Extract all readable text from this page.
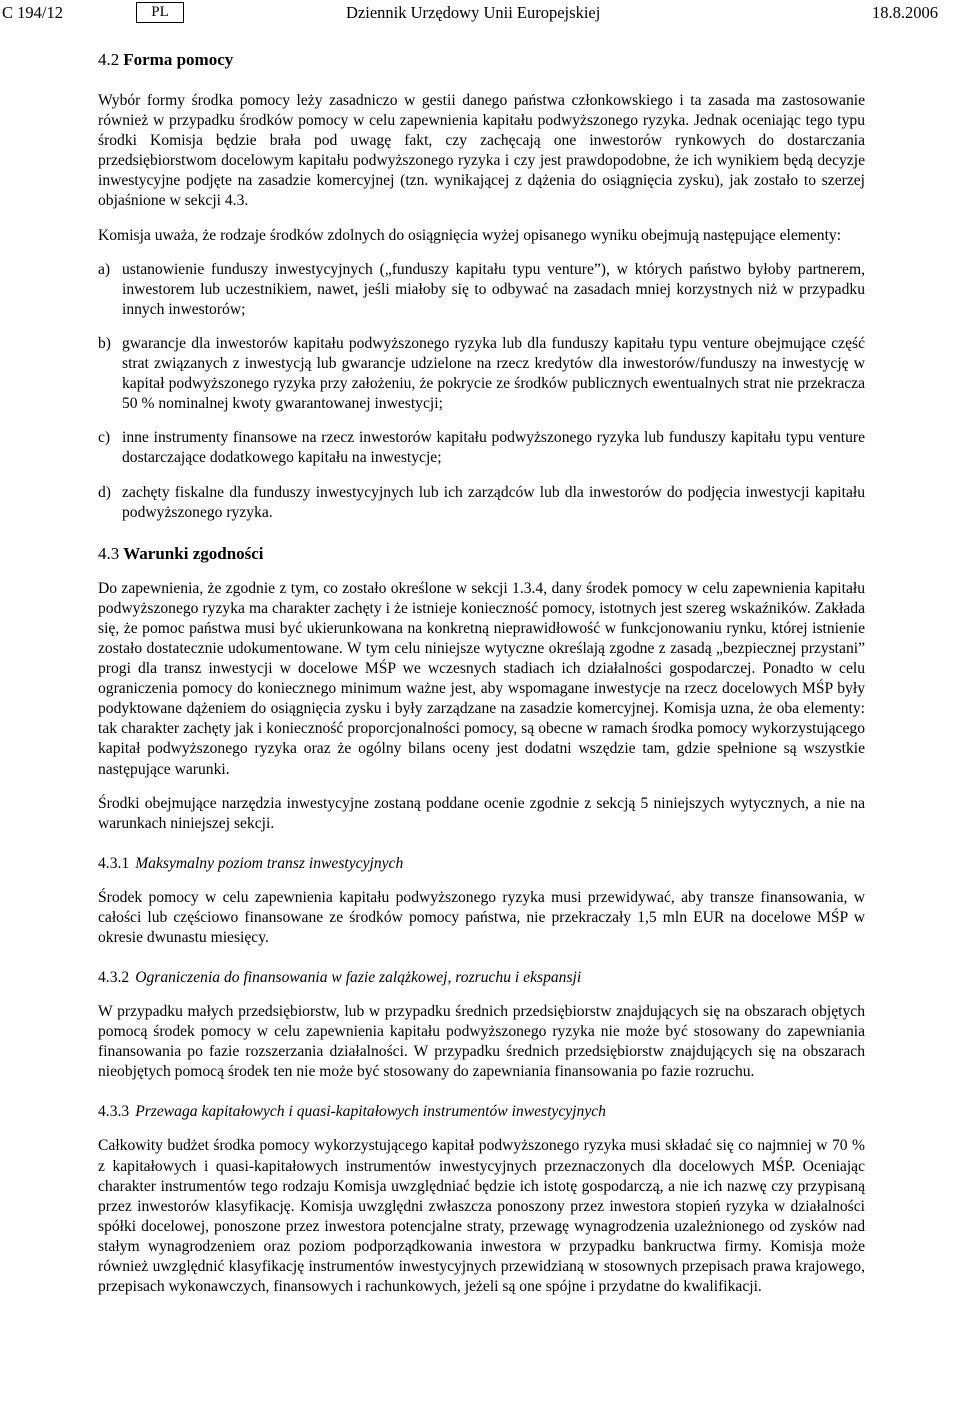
C 194/12	PL	Dziennik Urzędowy Unii Europejskiej	18.8.2006
4.2 Forma pomocy

Wybór formy środka pomocy leży zasadniczo w gestii danego państwa członkowskiego i ta zasada ma zastosowanie również w przypadku środków pomocy w celu zapewnienia kapitału podwyższonego ryzyka. Jednak oceniając tego typu środki Komisja będzie brała pod uwagę fakt, czy zachęcają one inwestorów rynkowych do dostarczania przedsiębiorstwom docelowym kapitału podwyższonego ryzyka i czy jest prawdopodobne, że ich wynikiem będą decyzje inwestycyjne podjęte na zasadzie komercyjnej (tzn. wynikającej z dążenia do osiągnięcia zysku), jak zostało to szerzej objaśnione w sekcji 4.3.

Komisja uważa, że rodzaje środków zdolnych do osiągnięcia wyżej opisanego wyniku obejmują następujące elementy:

a) ustanowienie funduszy inwestycyjnych („funduszy kapitału typu venture”), w których państwo byłoby partnerem, inwestorem lub uczestnikiem, nawet, jeśli miałoby się to odbywać na zasadach mniej korzystnych niż w przypadku innych inwestorów;
b) gwarancje dla inwestorów kapitału podwyższonego ryzyka lub dla funduszy kapitału typu venture obejmujące część strat związanych z inwestycją lub gwarancje udzielone na rzecz kredytów dla inwestorów/funduszy na inwestycję w kapitał podwyższonego ryzyka przy założeniu, że pokrycie ze środków publicznych ewentualnych strat nie przekracza 50 % nominalnej kwoty gwarantowanej inwestycji;
c) inne instrumenty finansowe na rzecz inwestorów kapitału podwyższonego ryzyka lub funduszy kapitału typu venture dostarczające dodatkowego kapitału na inwestycje;
d) zachęty fiskalne dla funduszy inwestycyjnych lub ich zarządców lub dla inwestorów do podjęcia inwestycji kapitału podwyższonego ryzyka.
4.3 Warunki zgodności

Do zapewnienia, że zgodnie z tym, co zostało określone w sekcji 1.3.4, dany środek pomocy w celu zapewnienia kapitału podwyższonego ryzyka ma charakter zachęty i że istnieje konieczność pomocy, istotnych jest szereg wskaźników. Zakłada się, że pomoc państwa musi być ukierunkowana na konkretną nieprawidłowość w funkcjonowaniu rynku, której istnienie zostało dostatecznie udokumentowane. W tym celu niniejsze wytyczne określają zgodne z zasadą „bezpiecznej przystani” progi dla transz inwestycji w docelowe MŚP we wczesnych stadiach ich działalności gospodarczej. Ponadto w celu ograniczenia pomocy do koniecznego minimum ważne jest, aby wspomagane inwestycje na rzecz docelowych MŚP były podyktowane dążeniem do osiągnięcia zysku i były zarządzane na zasadzie komercyjnej. Komisja uzna, że oba elementy: tak charakter zachęty jak i konieczność proporcjonalności pomocy, są obecne w ramach środka pomocy wykorzystującego kapitał podwyższonego ryzyka oraz że ogólny bilans oceny jest dodatni wszędzie tam, gdzie spełnione są wszystkie następujące warunki.

Środki obejmujące narzędzia inwestycyjne zostaną poddane ocenie zgodnie z sekcją 5 niniejszych wytycznych, a nie na warunkach niniejszej sekcji.

4.3.1 Maksymalny poziom transz inwestycyjnych

Środek pomocy w celu zapewnienia kapitału podwyższonego ryzyka musi przewidywać, aby transze finansowania, w całości lub częściowo finansowane ze środków pomocy państwa, nie przekraczały 1,5 mln EUR na docelowe MŚP w okresie dwunastu miesięcy.

4.3.2 Ograniczenia do finansowania w fazie zalążkowej, rozruchu i ekspansji

W przypadku małych przedsiębiorstw, lub w przypadku średnich przedsiębiorstw znajdujących się na obszarach objętych pomocą środek pomocy w celu zapewnienia kapitału podwyższonego ryzyka nie może być stosowany do zapewniania finansowania po fazie rozszerzania działalności. W przypadku średnich przedsiębiorstw znajdujących się na obszarach nieobjętych pomocą środek ten nie może być stosowany do zapewniania finansowania po fazie rozruchu.

4.3.3 Przewaga kapitałowych i quasi-kapitałowych instrumentów inwestycyjnych

Całkowity budżet środka pomocy wykorzystującego kapitał podwyższonego ryzyka musi składać się co najmniej w 70 % z kapitałowych i quasi-kapitałowych instrumentów inwestycyjnych przeznaczonych dla docelowych MŚP. Oceniając charakter instrumentów tego rodzaju Komisja uwzględniać będzie ich istotę gospodarczą, a nie ich nazwę czy przypisaną przez inwestorów klasyfikację. Komisja uwzględni zwłaszcza ponoszony przez inwestora stopień ryzyka w działalności spółki docelowej, ponoszone przez inwestora potencjalne straty, przewagę wynagrodzenia uzależnionego od zysków nad stałym wynagrodzeniem oraz poziom podporządkowania inwestora w przypadku bankructwa firmy. Komisja może również uwzględnić klasyfikację instrumentów inwestycyjnych przewidzianą w stosownych przepisach prawa krajowego, przepisach wykonawczych, finansowych i rachunkowych, jeżeli są one spójne i przydatne do kwalifikacji.
